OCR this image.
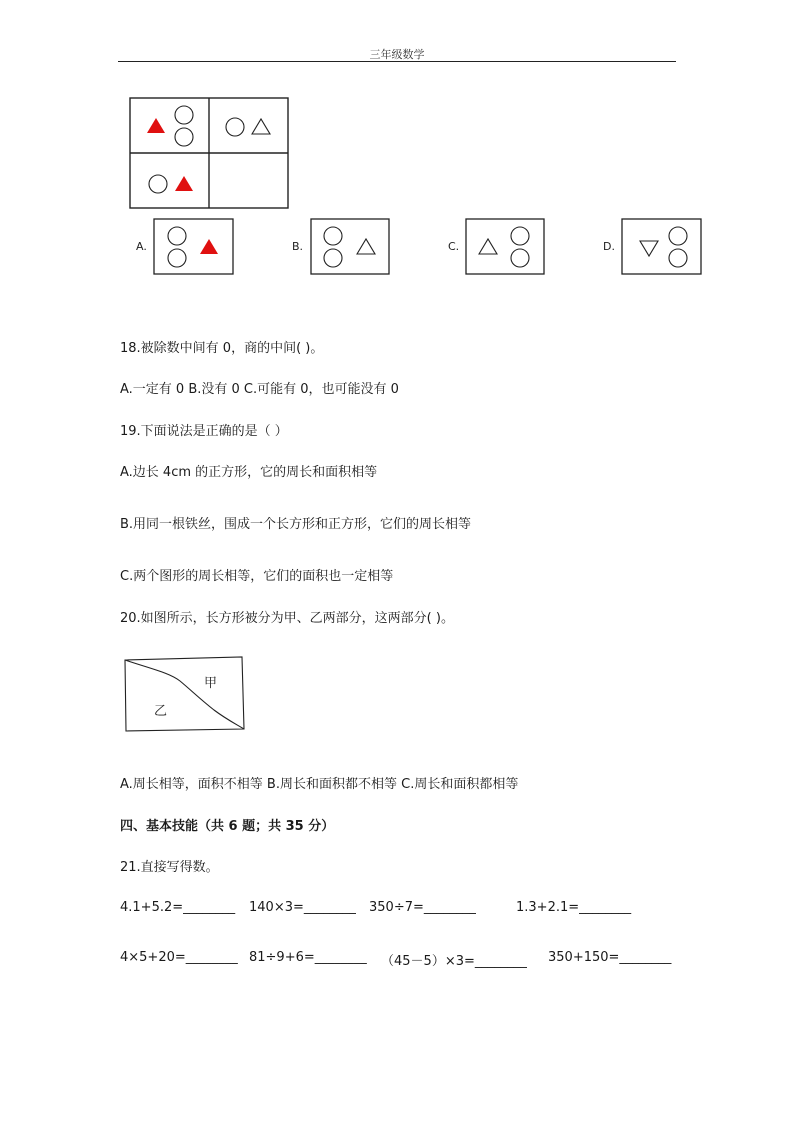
三年级数学
A.	B.	C.	D.
18.被除数中间有 0，商的中间( )。
A.一定有 0 B.没有 0 C.可能有 0，也可能没有 0
19.下面说法是正确的是（ ）
A.边长 4cm 的正方形，它的周长和面积相等
B.用同一根铁丝，围成一个长方形和正方形，它们的周长相等
C.两个图形的周长相等，它们的面积也一定相等
20.如图所示，长方形被分为甲、乙两部分，这两部分( )。
甲
乙
A.周长相等，面积不相等 B.周长和面积都不相等 C.周长和面积都相等
四、基本技能（共 6 题；共 35 分）
21.直接写得数。
4.1+5.2=________ 140×3=________ 350÷7=________	1.3+2.1=________
4×5+20=________ 81÷9+6=________ （45－5）×3=________ 350+150=________
